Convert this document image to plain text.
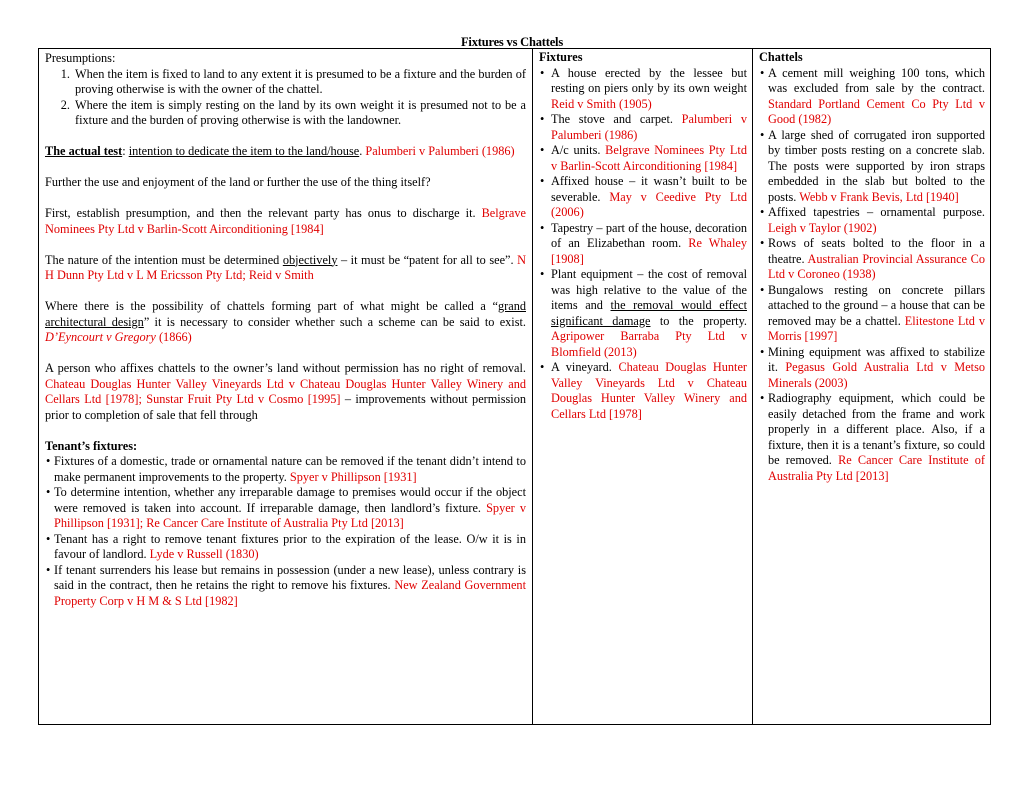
Fixtures vs Chattels

Presumptions:

1. When the item is fixed to land to any extent it is presumed to be a fixture and the burden of proving otherwise is with the owner of the chattel.
2. Where the item is simply resting on the land by its own weight it is presumed not to be a fixture and the burden of proving otherwise is with the landowner.

The actual test: intention to dedicate the item to the land/house. Palumberi v Palumberi (1986)

Further the use and enjoyment of the land or further the use of the thing itself?

First, establish presumption, and then the relevant party has onus to discharge it. Belgrave Nominees Pty Ltd v Barlin-Scott Airconditioning [1984]

The nature of the intention must be determined objectively – it must be “patent for all to see”. N H Dunn Pty Ltd v L M Ericsson Pty Ltd; Reid v Smith

Where there is the possibility of chattels forming part of what might be called a “grand architectural design” it is necessary to consider whether such a scheme can be said to exist. D’Eyncourt v Gregory (1866)

A person who affixes chattels to the owner’s land without permission has no right of removal. Chateau Douglas Hunter Valley Vineyards Ltd v Chateau Douglas Hunter Valley Winery and Cellars Ltd [1978]; Sunstar Fruit Pty Ltd v Cosmo [1995] – improvements without permission prior to completion of sale that fell through

Tenant’s fixtures:

• Fixtures of a domestic, trade or ornamental nature can be removed if the tenant didn’t intend to make permanent improvements to the property. Spyer v Phillipson [1931]
• To determine intention, whether any irreparable damage to premises would occur if the object were removed is taken into account. If irreparable damage, then landlord’s fixture. Spyer v Phillipson [1931]; Re Cancer Care Institute of Australia Pty Ltd [2013]
• Tenant has a right to remove tenant fixtures prior to the expiration of the lease. O/w it is in favour of landlord. Lyde v Russell (1830)
• If tenant surrenders his lease but remains in possession (under a new lease), unless contrary is said in the contract, then he retains the right to remove his fixtures. New Zealand Government Property Corp v H M & S Ltd [1982]

Fixtures

• A house erected by the lessee but resting on piers only by its own weight Reid v Smith (1905)
• The stove and carpet. Palumberi v Palumberi (1986)
• A/c units. Belgrave Nominees Pty Ltd v Barlin-Scott Airconditioning [1984]
• Affixed house – it wasn’t built to be severable. May v Ceedive Pty Ltd (2006)
• Tapestry – part of the house, decoration of an Elizabethan room. Re Whaley [1908]
• Plant equipment – the cost of removal was high relative to the value of the items and the removal would effect significant damage to the property. Agripower Barraba Pty Ltd v Blomfield (2013)
• A vineyard. Chateau Douglas Hunter Valley Vineyards Ltd v Chateau Douglas Hunter Valley Winery and Cellars Ltd [1978]

Chattels

• A cement mill weighing 100 tons, which was excluded from sale by the contract. Standard Portland Cement Co Pty Ltd v Good (1982)
• A large shed of corrugated iron supported by timber posts resting on a concrete slab. The posts were supported by iron straps embedded in the slab but bolted to the posts. Webb v Frank Bevis, Ltd [1940]
• Affixed tapestries – ornamental purpose. Leigh v Taylor (1902)
• Rows of seats bolted to the floor in a theatre. Australian Provincial Assurance Co Ltd v Coroneo (1938)
• Bungalows resting on concrete pillars attached to the ground – a house that can be removed may be a chattel. Elitestone Ltd v Morris [1997]
• Mining equipment was affixed to stabilize it. Pegasus Gold Australia Ltd v Metso Minerals (2003)
• Radiography equipment, which could be easily detached from the frame and work properly in a different place. Also, if a fixture, then it is a tenant’s fixture, so could be removed. Re Cancer Care Institute of Australia Pty Ltd [2013]
